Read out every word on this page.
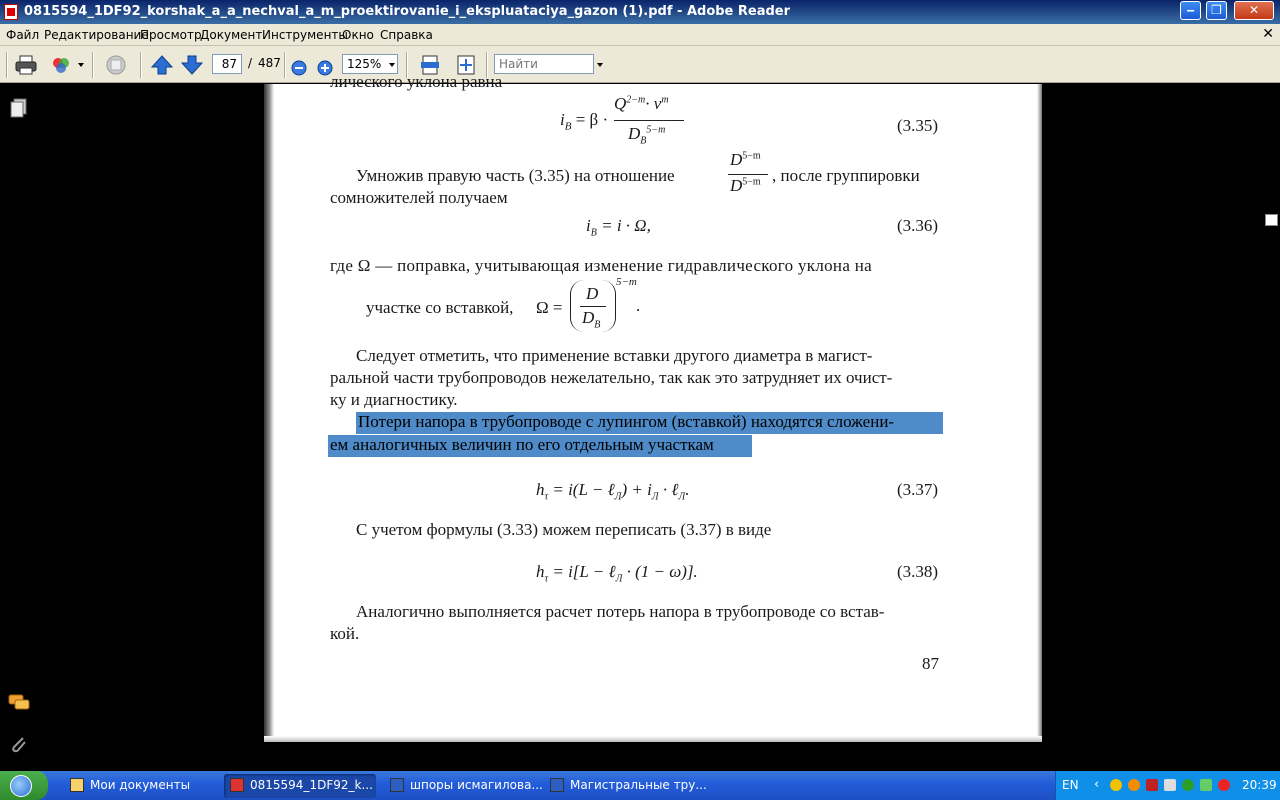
0815594_1DF92_korshak_a_a_nechval_a_m_proektirovanie_i_ekspluataciya_gazon (1).pdf - Adobe Reader	‒	❒	✕
Файл Редактирование
Просмотр
Документ Инструменты
Окно Справка	✕
87 / 487	125%
Найти
лического уклона равна
$i_B = \beta$ ·
$Q^{2-m}\cdot \nu^m$
$D_B^{5-m}$	(3.35)
Умножив правую часть (3.35) на отношение
$D^{5-m}$
$D^{5-m}$ , после группировки
сомножителей получаем
$i_B = i \cdot \Omega$,	(3.36)
где Ω — поправка, учитывающая изменение гидравлического уклона на
участке со вставкой, Ω =
D
$D_B$
5−m
.
Следует отметить, что применение вставки другого диаметра в магист-
ральной части трубопроводов нежелательно, так как это затрудняет их очист-
ку и диагностику.
Потери напора в трубопроводе с лупингом (вставкой) находятся сложени-
ем аналогичных величин по его отдельным участкам
$h_\tau = i(L$ − ℓ$_Л$) + $i_Л$ · ℓ$_Л$.	(3.37)
С учетом формулы (3.33) можем переписать (3.37) в виде
$h_\tau = i[L$ − ℓ$_Л$ · (1 − ω)].	(3.38)
Аналогично выполняется расчет потерь напора в трубопроводе со встав-
кой.
87
Мои документы	0815594_1DF92_k...	шпоры исмагилова...	Магистральные тру...	EN ‹	20:39
